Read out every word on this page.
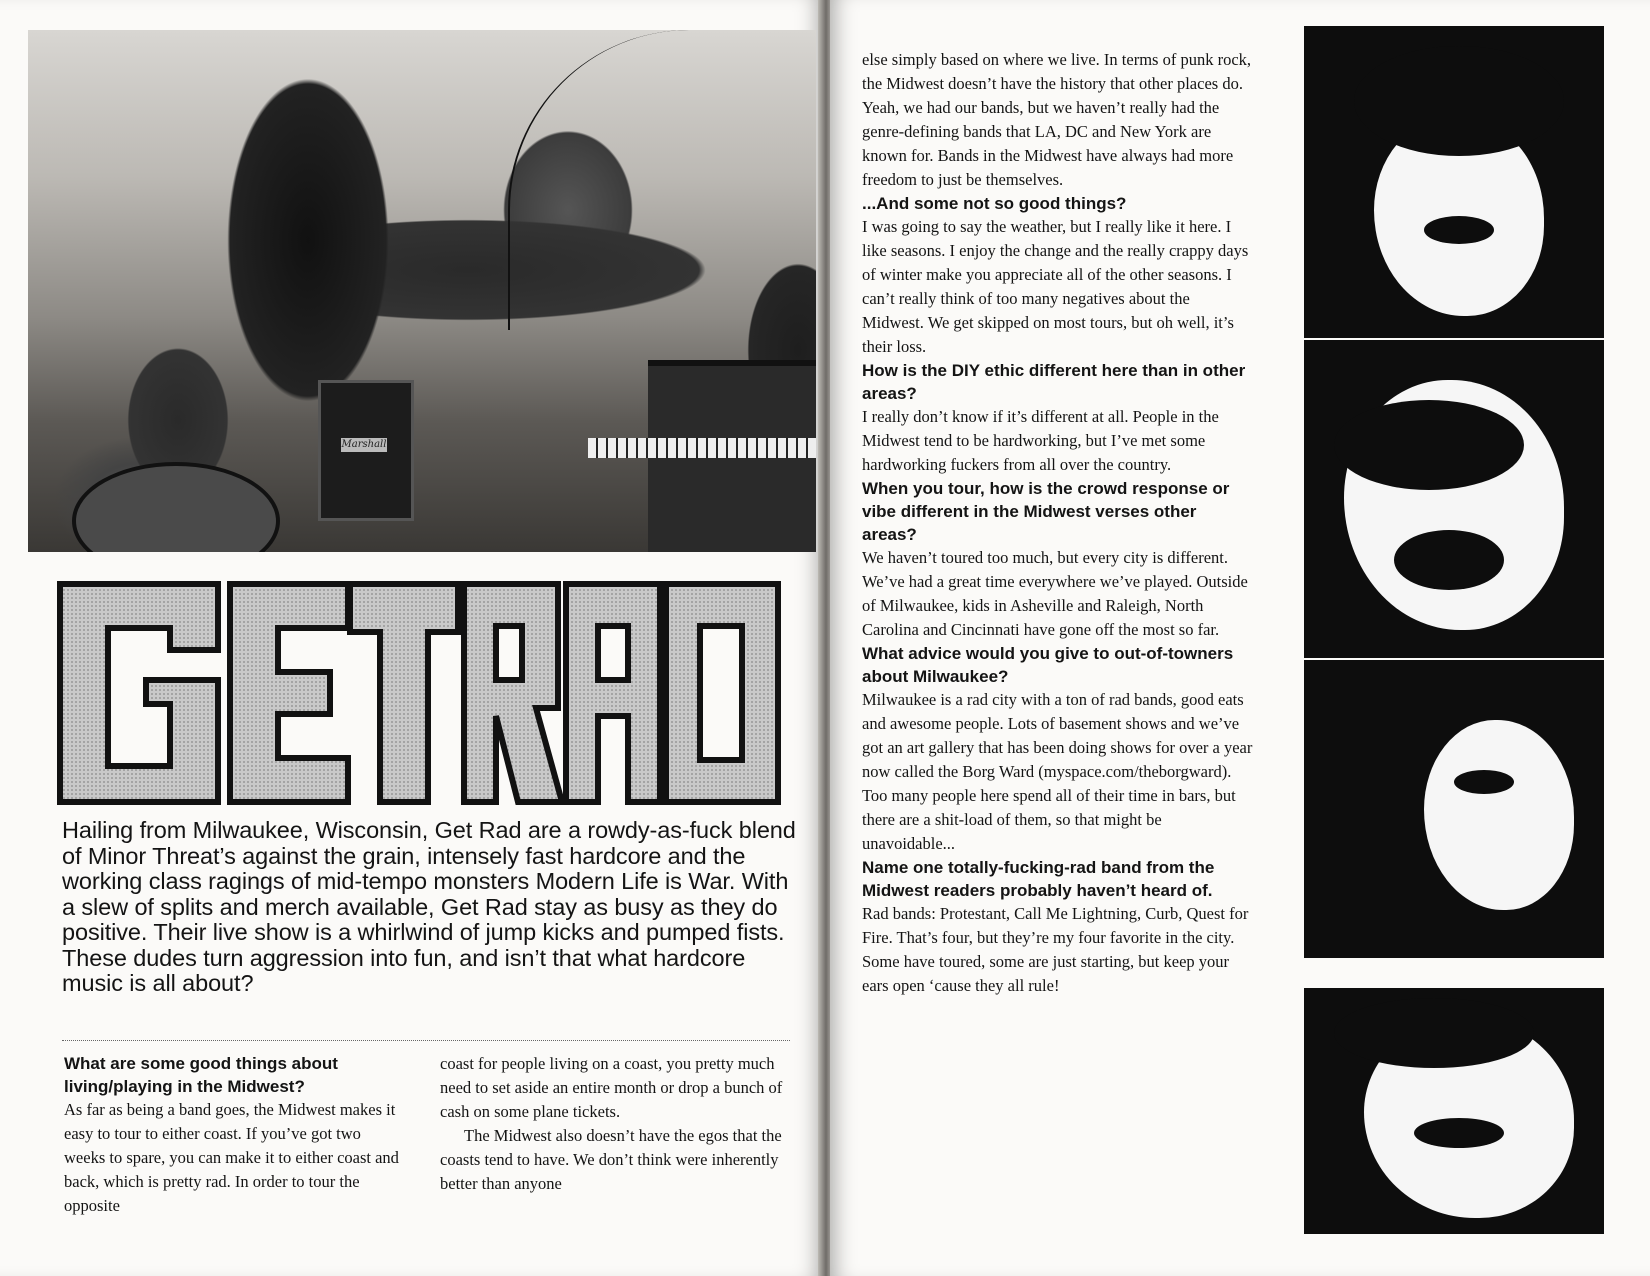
Marshall
Hailing from Milwaukee, Wisconsin, Get Rad are a rowdy-as-fuck blend of Minor Threat’s against the grain, intensely fast hardcore and the working class ragings of mid-tempo monsters Modern Life is War. With a slew of splits and merch available, Get Rad stay as busy as they do positive. Their live show is a whirlwind of jump kicks and pumped fists. These dudes turn aggression into fun, and isn’t that what hardcore music is all about?

What are some good things about living/playing in the Midwest?

As far as being a band goes, the Midwest makes it easy to tour to either coast. If you’ve got two weeks to spare, you can make it to either coast and back, which is pretty rad. In order to tour the opposite

coast for people living on a coast, you pretty much need to set aside an entire month or drop a bunch of cash on some plane tickets.

The Midwest also doesn’t have the egos that the coasts tend to have. We don’t think were inherently better than anyone

else simply based on where we live. In terms of punk rock, the Midwest doesn’t have the history that other places do. Yeah, we had our bands, but we haven’t really had the genre-defining bands that LA, DC and New York are known for. Bands in the Midwest have always had more freedom to just be themselves.

...And some not so good things?

I was going to say the weather, but I really like it here. I like seasons. I enjoy the change and the really crappy days of winter make you appreciate all of the other seasons. I can’t really think of too many negatives about the Midwest. We get skipped on most tours, but oh well, it’s their loss.

How is the DIY ethic different here than in other areas?

I really don’t know if it’s different at all. People in the Midwest tend to be hardworking, but I’ve met some hardworking fuckers from all over the country.

When you tour, how is the crowd response or vibe different in the Midwest verses other areas?

We haven’t toured too much, but every city is different. We’ve had a great time everywhere we’ve played. Outside of Milwaukee, kids in Asheville and Raleigh, North Carolina and Cincinnati have gone off the most so far.

What advice would you give to out-of-towners about Milwaukee?

Milwaukee is a rad city with a ton of rad bands, good eats and awesome people. Lots of basement shows and we’ve got an art gallery that has been doing shows for over a year now called the Borg Ward (myspace.com/theborgward). Too many people here spend all of their time in bars, but there are a shit-load of them, so that might be unavoidable...

Name one totally-fucking-rad band from the Midwest readers probably haven’t heard of.

Rad bands: Protestant, Call Me Lightning, Curb, Quest for Fire. That’s four, but they’re my four favorite in the city. Some have toured, some are just starting, but keep your ears open ‘cause they all rule!
